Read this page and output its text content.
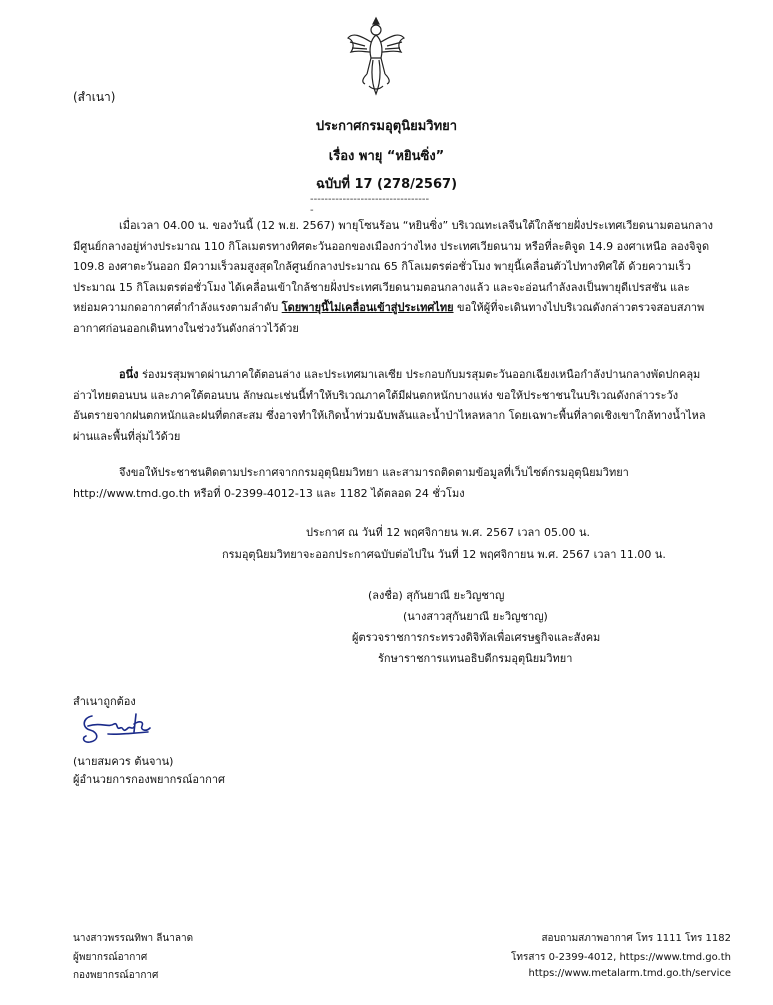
(สำเนา)
ประกาศกรมอุตุนิยมวิทยา
เรื่อง พายุ “หยินซิ่ง”
ฉบับที่ 17 (278/2567)
----------------------------------
เมื่อเวลา 04.00 น. ของวันนี้ (12 พ.ย. 2567) พายุโซนร้อน “หยินซิ่ง” บริเวณทะเลจีนใต้ใกล้ชายฝั่งประเทศเวียดนามตอนกลาง มีศูนย์กลางอยู่ห่างประมาณ 110 กิโลเมตรทางทิศตะวันออกของเมืองกว่างไหง ประเทศเวียดนาม หรือที่ละติจูด 14.9 องศาเหนือ ลองจิจูด 109.8 องศาตะวันออก มีความเร็วลมสูงสุดใกล้ศูนย์กลางประมาณ 65 กิโลเมตรต่อชั่วโมง พายุนี้เคลื่อนตัวไปทางทิศใต้ ด้วยความเร็วประมาณ 15 กิโลเมตรต่อชั่วโมง ได้เคลื่อนเข้าใกล้ชายฝั่งประเทศเวียดนามตอนกลางแล้ว และจะอ่อนกำลังลงเป็นพายุดีเปรสชัน และหย่อมความกดอากาศต่ำกำลังแรงตามลำดับ โดยพายุนี้ไม่เคลื่อนเข้าสู่ประเทศไทย ขอให้ผู้ที่จะเดินทางไปบริเวณดังกล่าวตรวจสอบสภาพอากาศก่อนออกเดินทางในช่วงวันดังกล่าวไว้ด้วย
อนึ่ง ร่องมรสุมพาดผ่านภาคใต้ตอนล่าง และประเทศมาเลเซีย ประกอบกับมรสุมตะวันออกเฉียงเหนือกำลังปานกลางพัดปกคลุมอ่าวไทยตอนบน และภาคใต้ตอนบน ลักษณะเช่นนี้ทำให้บริเวณภาคใต้มีฝนตกหนักบางแห่ง ขอให้ประชาชนในบริเวณดังกล่าวระวังอันตรายจากฝนตกหนักและฝนที่ตกสะสม ซึ่งอาจทำให้เกิดน้ำท่วมฉับพลันและน้ำป่าไหลหลาก โดยเฉพาะพื้นที่ลาดเชิงเขาใกล้ทางน้ำไหลผ่านและพื้นที่ลุ่มไว้ด้วย
จึงขอให้ประชาชนติดตามประกาศจากกรมอุตุนิยมวิทยา และสามารถติดตามข้อมูลที่เว็บไซต์กรมอุตุนิยมวิทยา http://www.tmd.go.th หรือที่ 0-2399-4012-13 และ 1182 ได้ตลอด 24 ชั่วโมง
ประกาศ ณ วันที่ 12 พฤศจิกายน พ.ศ. 2567 เวลา 05.00 น.
กรมอุตุนิยมวิทยาจะออกประกาศฉบับต่อไปใน วันที่ 12 พฤศจิกายน พ.ศ. 2567 เวลา 11.00 น.
(ลงชื่อ) สุกันยาณี ยะวิญชาญ
(นางสาวสุกันยาณี ยะวิญชาญ)
ผู้ตรวจราชการกระทรวงดิจิทัลเพื่อเศรษฐกิจและสังคม
รักษาราชการแทนอธิบดีกรมอุตุนิยมวิทยา
สำเนาถูกต้อง
(นายสมควร ต้นจาน)
ผู้อำนวยการกองพยากรณ์อากาศ
นางสาวพรรณทิพา ลีนาลาด
ผู้พยากรณ์อากาศ
กองพยากรณ์อากาศ
สอบถามสภาพอากาศ โทร 1111 โทร 1182
โทรสาร 0-2399-4012, https://www.tmd.go.th
https://www.metalarm.tmd.go.th/service
